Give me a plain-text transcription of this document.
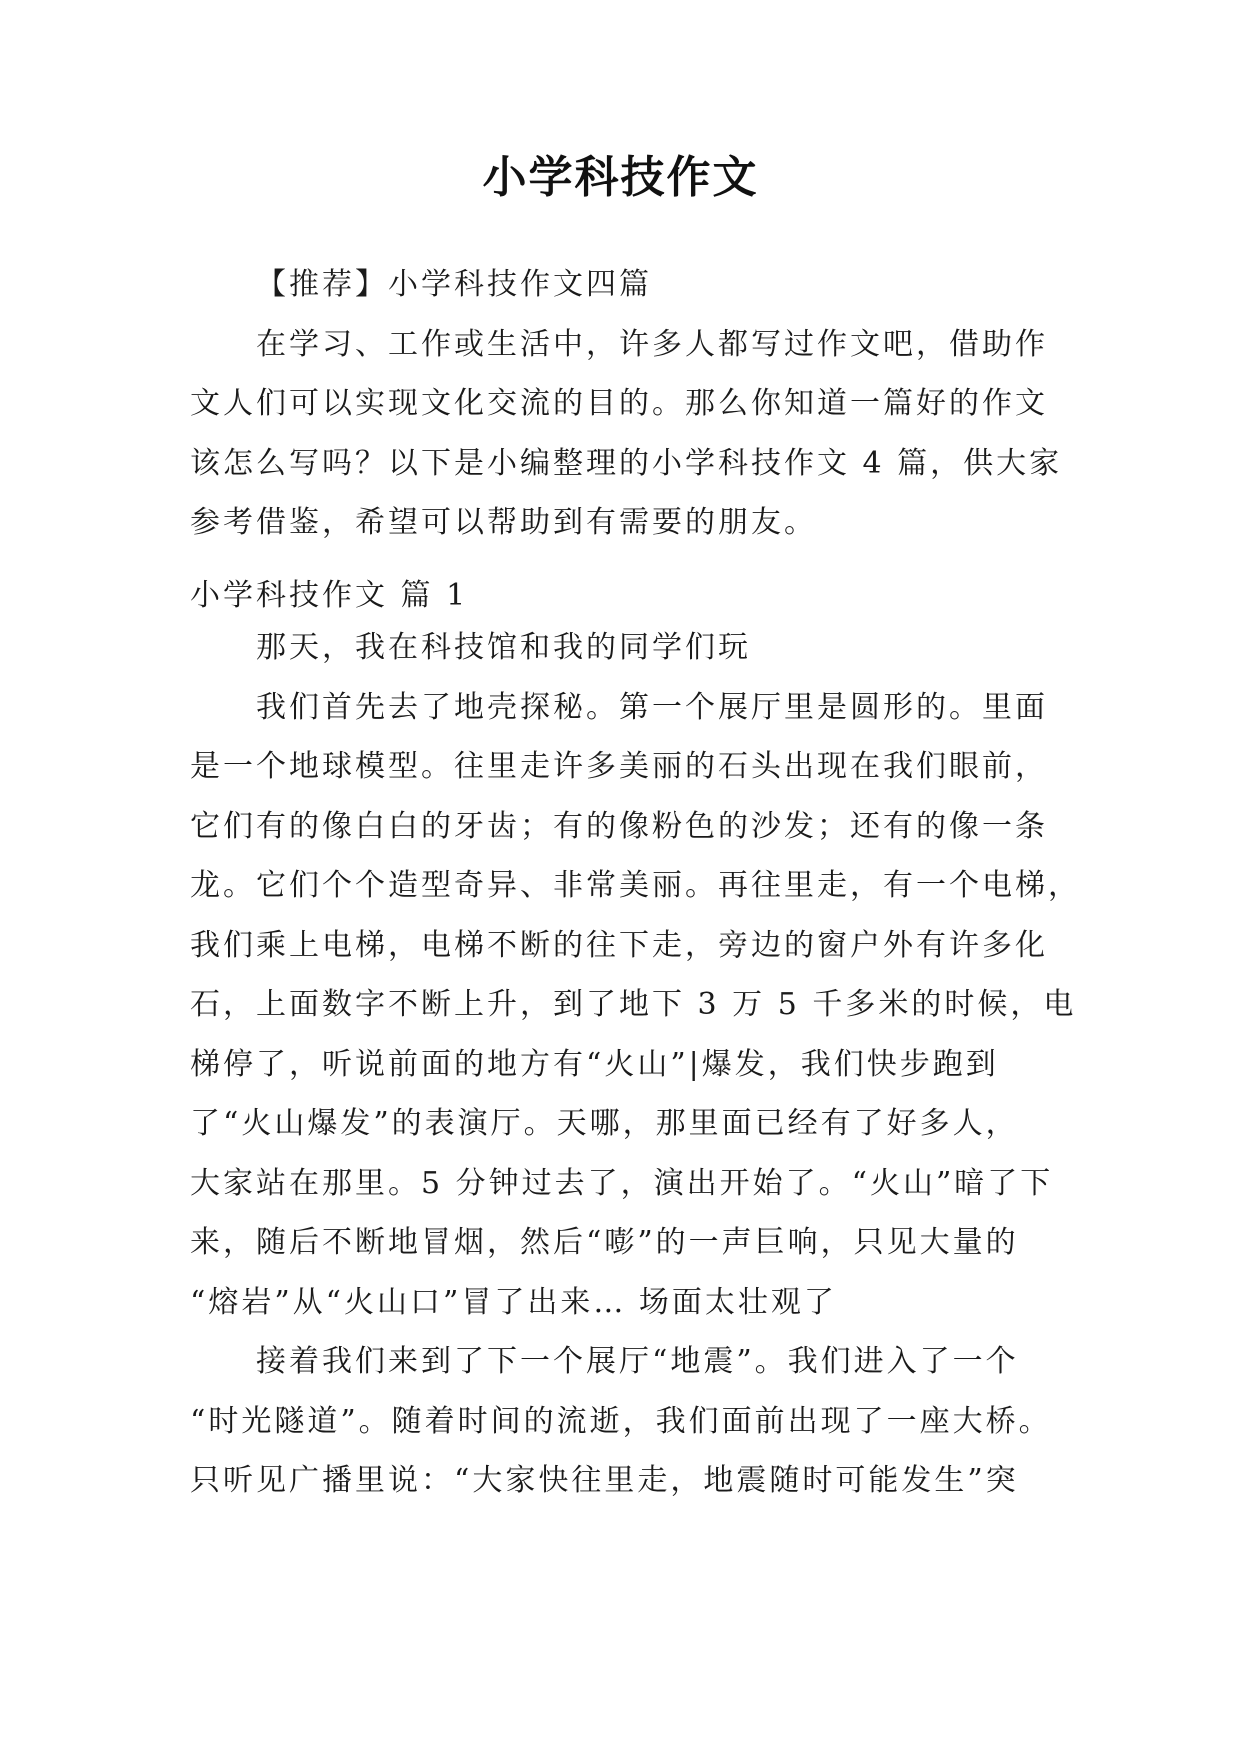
小学科技作文
【推荐】小学科技作文四篇
在学习、工作或生活中，许多人都写过作文吧，借助作
文人们可以实现文化交流的目的。那么你知道一篇好的作文
该怎么写吗？以下是小编整理的小学科技作文 4 篇，供大家
参考借鉴，希望可以帮助到有需要的朋友。
小学科技作文 篇 1
那天，我在科技馆和我的同学们玩
我们首先去了地壳探秘。第一个展厅里是圆形的。里面
是一个地球模型。往里走许多美丽的石头出现在我们眼前，
它们有的像白白的牙齿；有的像粉色的沙发；还有的像一条
龙。它们个个造型奇异、非常美丽。再往里走，有一个电梯，
我们乘上电梯，电梯不断的往下走，旁边的窗户外有许多化
石，上面数字不断上升，到了地下 3 万 5 千多米的时候，电
梯停了，听说前面的地方有“火山”|爆发，我们快步跑到
了“火山爆发”的表演厅。天哪，那里面已经有了好多人，
大家站在那里。5 分钟过去了，演出开始了。“火山”暗了下
来，随后不断地冒烟，然后“嘭”的一声巨响，只见大量的
“熔岩”从“火山口”冒了出来… 场面太壮观了
接着我们来到了下一个展厅“地震”。我们进入了一个
“时光隧道”。随着时间的流逝，我们面前出现了一座大桥。
只听见广播里说：“大家快往里走，地震随时可能发生”突
